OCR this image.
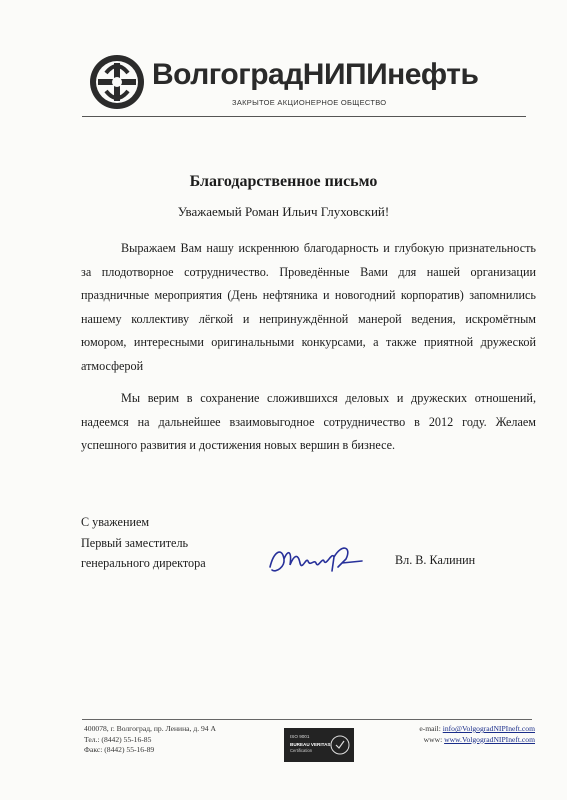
ВолгоградНИПИнефть
ЗАКРЫТОЕ АКЦИОНЕРНОЕ ОБЩЕСТВО
Благодарственное письмо
Уважаемый Роман Ильич Глуховский!

Выражаем Вам нашу искреннюю благодарность и глубокую признательность за плодотворное сотрудничество. Проведённые Вами для нашей организации праздничные мероприятия (День нефтяника и новогодний корпоратив) запомнились нашему коллективу лёгкой и непринуждённой манерой ведения, искромётным юмором, интересными оригинальными конкурсами, а также приятной дружеской атмосферой

Мы верим в сохранение сложившихся деловых и дружеских отношений, надеемся на дальнейшее взаимовыгодное сотрудничество в 2012 году. Желаем успешного развития и достижения новых вершин в бизнесе.

С уважением
Первый заместитель
генерального директора	Вл. В. Калинин
400078, г. Волгоград, пр. Ленина, д. 94 А
Тел.: (8442) 55-16-85
Факс: (8442) 55-16-89
ISO 9001
BUREAU VERITAS
Certification
e-mail: info@VolgogradNIPIneft.com
www: www.VolgogradNIPIneft.com
